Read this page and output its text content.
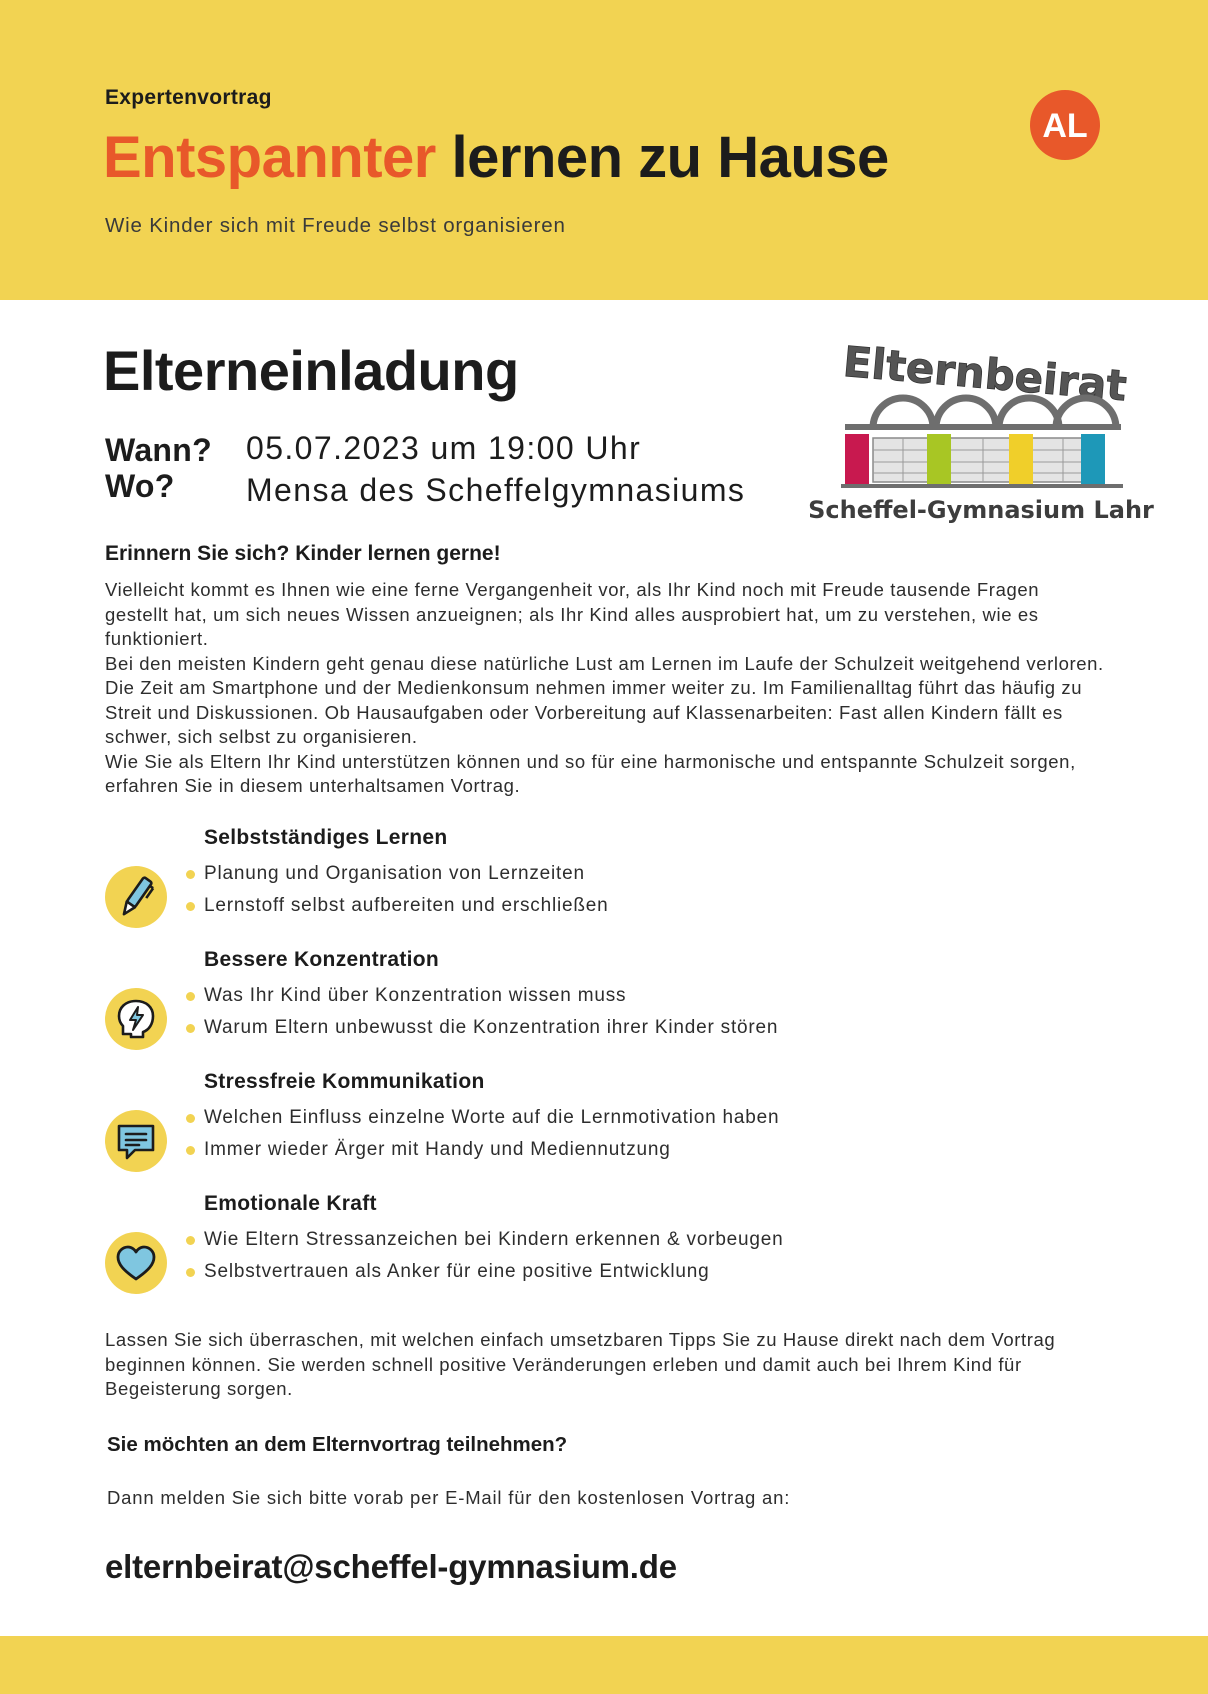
Expertenvortrag
Entspannter lernen zu Hause
Wie Kinder sich mit Freude selbst organisieren
AL
Elterneinladung
Wann? 05.07.2023 um 19:00 Uhr
Wo? Mensa des Scheffelgymnasiums
Elternbeirat
Scheffel-Gymnasium Lahr
Erinnern Sie sich? Kinder lernen gerne!

Vielleicht kommt es Ihnen wie eine ferne Vergangenheit vor, als Ihr Kind noch mit Freude tausende Fragen gestellt hat, um sich neues Wissen anzueignen; als Ihr Kind alles ausprobiert hat, um zu verstehen, wie es funktioniert.

Bei den meisten Kindern geht genau diese natürliche Lust am Lernen im Laufe der Schulzeit weitgehend verloren. Die Zeit am Smartphone und der Medienkonsum nehmen immer weiter zu. Im Familienalltag führt das häufig zu Streit und Diskussionen. Ob Hausaufgaben oder Vorbereitung auf Klassenarbeiten: Fast allen Kindern fällt es schwer, sich selbst zu organisieren.

Wie Sie als Eltern Ihr Kind unterstützen können und so für eine harmonische und entspannte Schulzeit sorgen, erfahren Sie in diesem unterhaltsamen Vortrag.

Selbstständiges Lernen
Planung und Organisation von Lernzeiten
Lernstoff selbst aufbereiten und erschließen
Bessere Konzentration
Was Ihr Kind über Konzentration wissen muss
Warum Eltern unbewusst die Konzentration ihrer Kinder stören
Stressfreie Kommunikation
Welchen Einfluss einzelne Worte auf die Lernmotivation haben
Immer wieder Ärger mit Handy und Mediennutzung
Emotionale Kraft
Wie Eltern Stressanzeichen bei Kindern erkennen & vorbeugen
Selbstvertrauen als Anker für eine positive Entwicklung
Lassen Sie sich überraschen, mit welchen einfach umsetzbaren Tipps Sie zu Hause direkt nach dem Vortrag beginnen können. Sie werden schnell positive Veränderungen erleben und damit auch bei Ihrem Kind für Begeisterung sorgen.
Sie möchten an dem Elternvortrag teilnehmen?
Dann melden Sie sich bitte vorab per E-Mail für den kostenlosen Vortrag an:
elternbeirat@scheffel-gymnasium.de
